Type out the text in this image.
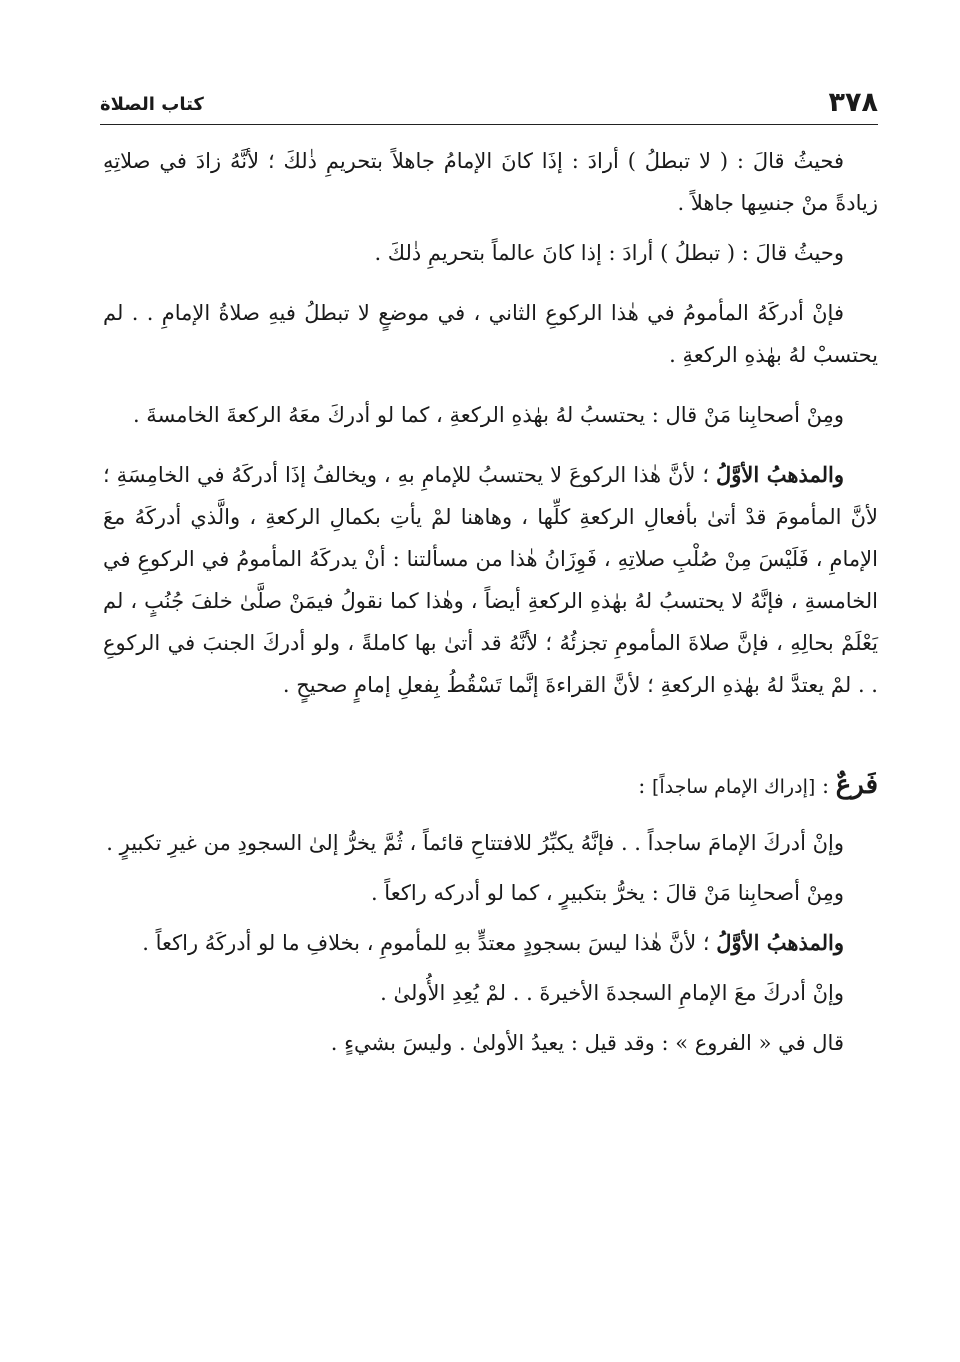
٣٧٨
كتاب الصلاة

فحيثُ قالَ : ( لا تبطلُ ) أرادَ : إذَا كانَ الإمامُ جاهلاً بتحريمِ ذٰلكَ ؛ لأنَّهُ زادَ في صلاتِهِ زيادةً منْ جنسِها جاهلاً .

وحيثُ قالَ : ( تبطلُ ) أرادَ : إذا كانَ عالماً بتحريمِ ذٰلكَ .

فإنْ أدركَهُ المأمومُ في هٰذا الركوعِ الثاني ، في موضعٍ لا تبطلُ فيهِ صلاةُ الإمامِ . . لم يحتسبْ لهُ بهٰذهِ الركعةِ .

ومِنْ أصحابِنا مَنْ قال : يحتسبُ لهُ بهٰذهِ الركعةِ ، كما لو أدركَ معَهُ الركعةَ الخامسةَ .

والمذهبُ الأوَّلُ ؛ لأنَّ هٰذا الركوعَ لا يحتسبُ للإمامِ بهِ ، ويخالفُ إذَا أدركَهُ في الخامِسَةِ ؛ لأنَّ المأمومَ قدْ أتىٰ بأفعالِ الركعةِ كلِّها ، وهاهنا لمْ يأتِ بكمالِ الركعةِ ، والَّذي أدركَهُ معَ الإمامِ ، فَلَيْسَ مِنْ صُلْبِ صلاتِهِ ، فَوِزَانُ هٰذا من مسألتنا : أنْ يدركَهُ المأمومُ في الركوعِ في الخامسةِ ، فإنَّهُ لا يحتسبُ لهُ بهٰذهِ الركعةِ أيضاً ، وهٰذا كما نقولُ فيمَنْ صلَّىٰ خلفَ جُنُبٍ ، لم يَعْلَمْ بحالِهِ ، فإنَّ صلاةَ المأمومِ تجزئُهُ ؛ لأنَّهُ قد أتىٰ بها كاملةً ، ولو أدركَ الجنبَ في الركوعِ . . لمْ يعتدَّ لهُ بهٰذهِ الركعةِ ؛ لأنَّ القراءةَ إنَّما تَسْقُطُ بِفعلِ إمامٍ صحيحٍ .

فَرعٌ : [إدراك الإمام ساجداً] :

وإنْ أدركَ الإمامَ ساجداً . . فإنَّهُ يكبِّرُ للافتتاحِ قائماً ، ثُمَّ يخرُّ إلىٰ السجودِ من غيرِ تكبيرٍ .

ومِنْ أصحابِنا مَنْ قالَ : يخرُّ بتكبيرٍ ، كما لو أدركه راكعاً .

والمذهبُ الأوَّلُ ؛ لأنَّ هٰذا ليسَ بسجودٍ معتدٍّ بهِ للمأمومِ ، بخلافِ ما لو أدركَهُ راكعاً .

وإنْ أدركَ معَ الإمامِ السجدةَ الأخيرةَ . . لمْ يُعِدِ الأُولىٰ .

قال في « الفروع » : وقد قيل : يعيدُ الأولىٰ . وليسَ بشيءٍ .
